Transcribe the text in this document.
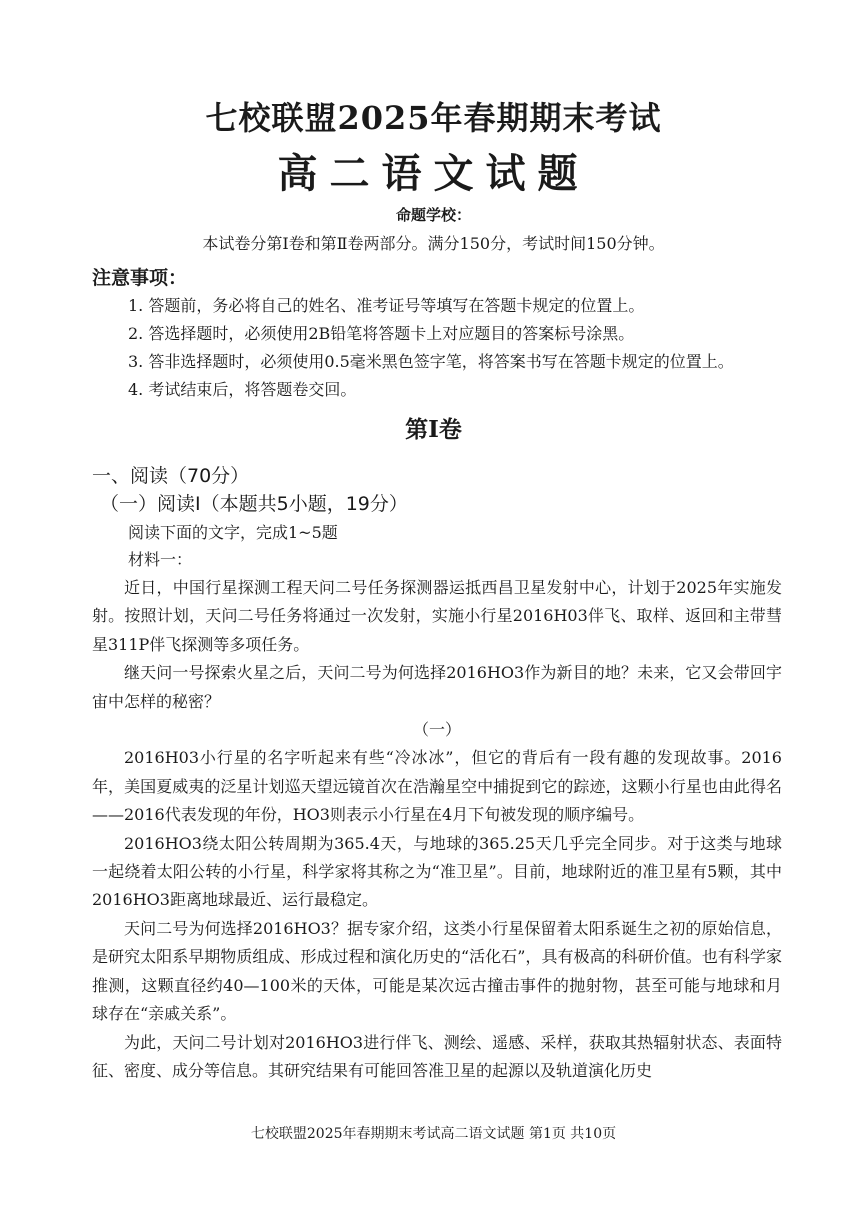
七校联盟2025年春期期末考试
高二语文试题
命题学校：
本试卷分第Ⅰ卷和第Ⅱ卷两部分。满分150分，考试时间150分钟。
注意事项：
1. 答题前，务必将自己的姓名、准考证号等填写在答题卡规定的位置上。
2. 答选择题时，必须使用2B铅笔将答题卡上对应题目的答案标号涂黑。
3. 答非选择题时，必须使用0.5毫米黑色签字笔，将答案书写在答题卡规定的位置上。
4. 考试结束后，将答题卷交回。
第Ⅰ卷
一、阅读（70分）
（一）阅读Ⅰ（本题共5小题，19分）
阅读下面的文字，完成1~5题
材料一：

近日，中国行星探测工程天问二号任务探测器运抵西昌卫星发射中心，计划于2025年实施发射。按照计划，天问二号任务将通过一次发射，实施小行星2016H03伴飞、取样、返回和主带彗星311P伴飞探测等多项任务。

继天问一号探索火星之后，天问二号为何选择2016HO3作为新目的地？未来，它又会带回宇宙中怎样的秘密？

（一）

2016H03小行星的名字听起来有些“冷冰冰”，但它的背后有一段有趣的发现故事。2016年，美国夏威夷的泛星计划巡天望远镜首次在浩瀚星空中捕捉到它的踪迹，这颗小行星也由此得名——2016代表发现的年份，HO3则表示小行星在4月下旬被发现的顺序编号。

2016HO3绕太阳公转周期为365.4天，与地球的365.25天几乎完全同步。对于这类与地球一起绕着太阳公转的小行星，科学家将其称之为“准卫星”。目前，地球附近的准卫星有5颗，其中2016HO3距离地球最近、运行最稳定。

天问二号为何选择2016HO3？据专家介绍，这类小行星保留着太阳系诞生之初的原始信息，是研究太阳系早期物质组成、形成过程和演化历史的“活化石”，具有极高的科研价值。也有科学家推测，这颗直径约40—100米的天体，可能是某次远古撞击事件的抛射物，甚至可能与地球和月球存在“亲戚关系”。

为此，天问二号计划对2016HO3进行伴飞、测绘、遥感、采样，获取其热辐射状态、表面特征、密度、成分等信息。其研究结果有可能回答准卫星的起源以及轨道演化历史

七校联盟2025年春期期末考试高二语文试题 第1页 共10页
